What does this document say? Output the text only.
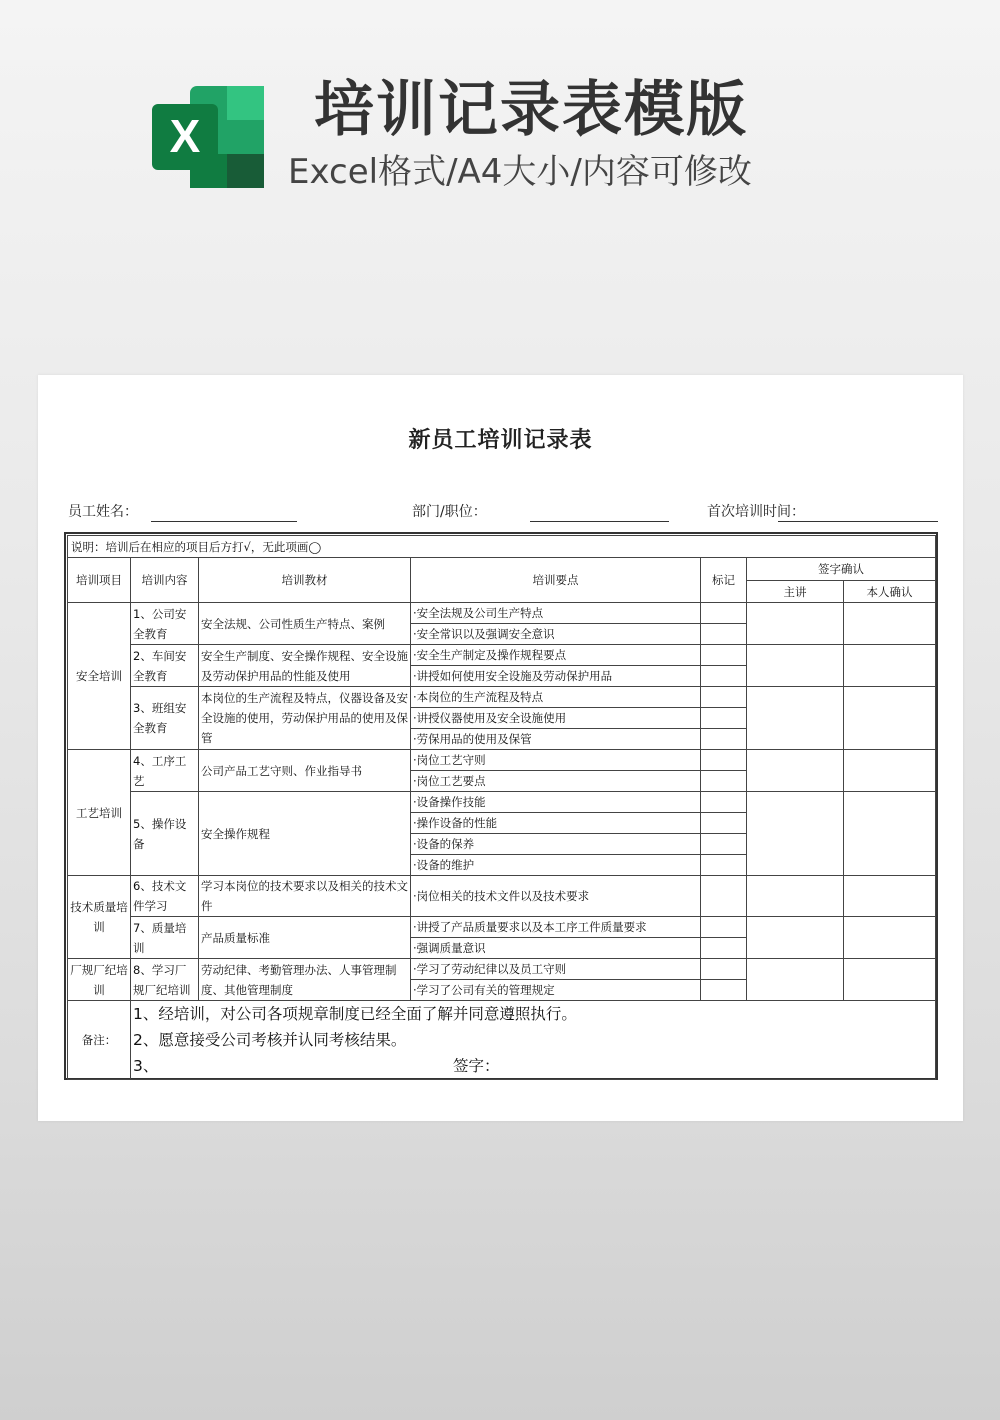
X 培训记录表模版
Excel格式/A4大小/内容可修改
新员工培训记录表
员工姓名：	部门/职位：	首次培训时间：
说明：培训后在相应的项目后方打√，无此项画◯						
培训项目	培训内容	培训教材	培训要点	标记	签字确认	
					主讲	本人确认
安全培训	1、公司安全教育	安全法规、公司性质生产特点、案例	·安全法规及公司生产特点			
			·安全常识以及强调安全意识			
	2、车间安全教育	安全生产制度、安全操作规程、安全设施及劳动保护用品的性能及使用	·安全生产制定及操作规程要点			
			·讲授如何使用安全设施及劳动保护用品			
	3、班组安全教育	本岗位的生产流程及特点，仪器设备及安全设施的使用，劳动保护用品的使用及保管	·本岗位的生产流程及特点			
			·讲授仪器使用及安全设施使用			
			·劳保用品的使用及保管			
工艺培训	4、工序工艺	公司产品工艺守则、作业指导书	·岗位工艺守则			
			·岗位工艺要点			
	5、操作设备	安全操作规程	·设备操作技能			
			·操作设备的性能			
			·设备的保养			
			·设备的维护			
技术质量培训	6、技术文件学习	学习本岗位的技术要求以及相关的技术文件	·岗位相关的技术文件以及技术要求			
	7、质量培训	产品质量标准	·讲授了产品质量要求以及本工序工件质量要求			
			·强调质量意识			
厂规厂纪培训	8、学习厂规厂纪培训	劳动纪律、考勤管理办法、人事管理制度、其他管理制度	·学习了劳动纪律以及员工守则			
			·学习了公司有关的管理规定			
备注：	1、经培训，对公司各项规章制度已经全面了解并同意遵照执行。
2、愿意接受公司考核并认同考核结果。
3、 签字：					
